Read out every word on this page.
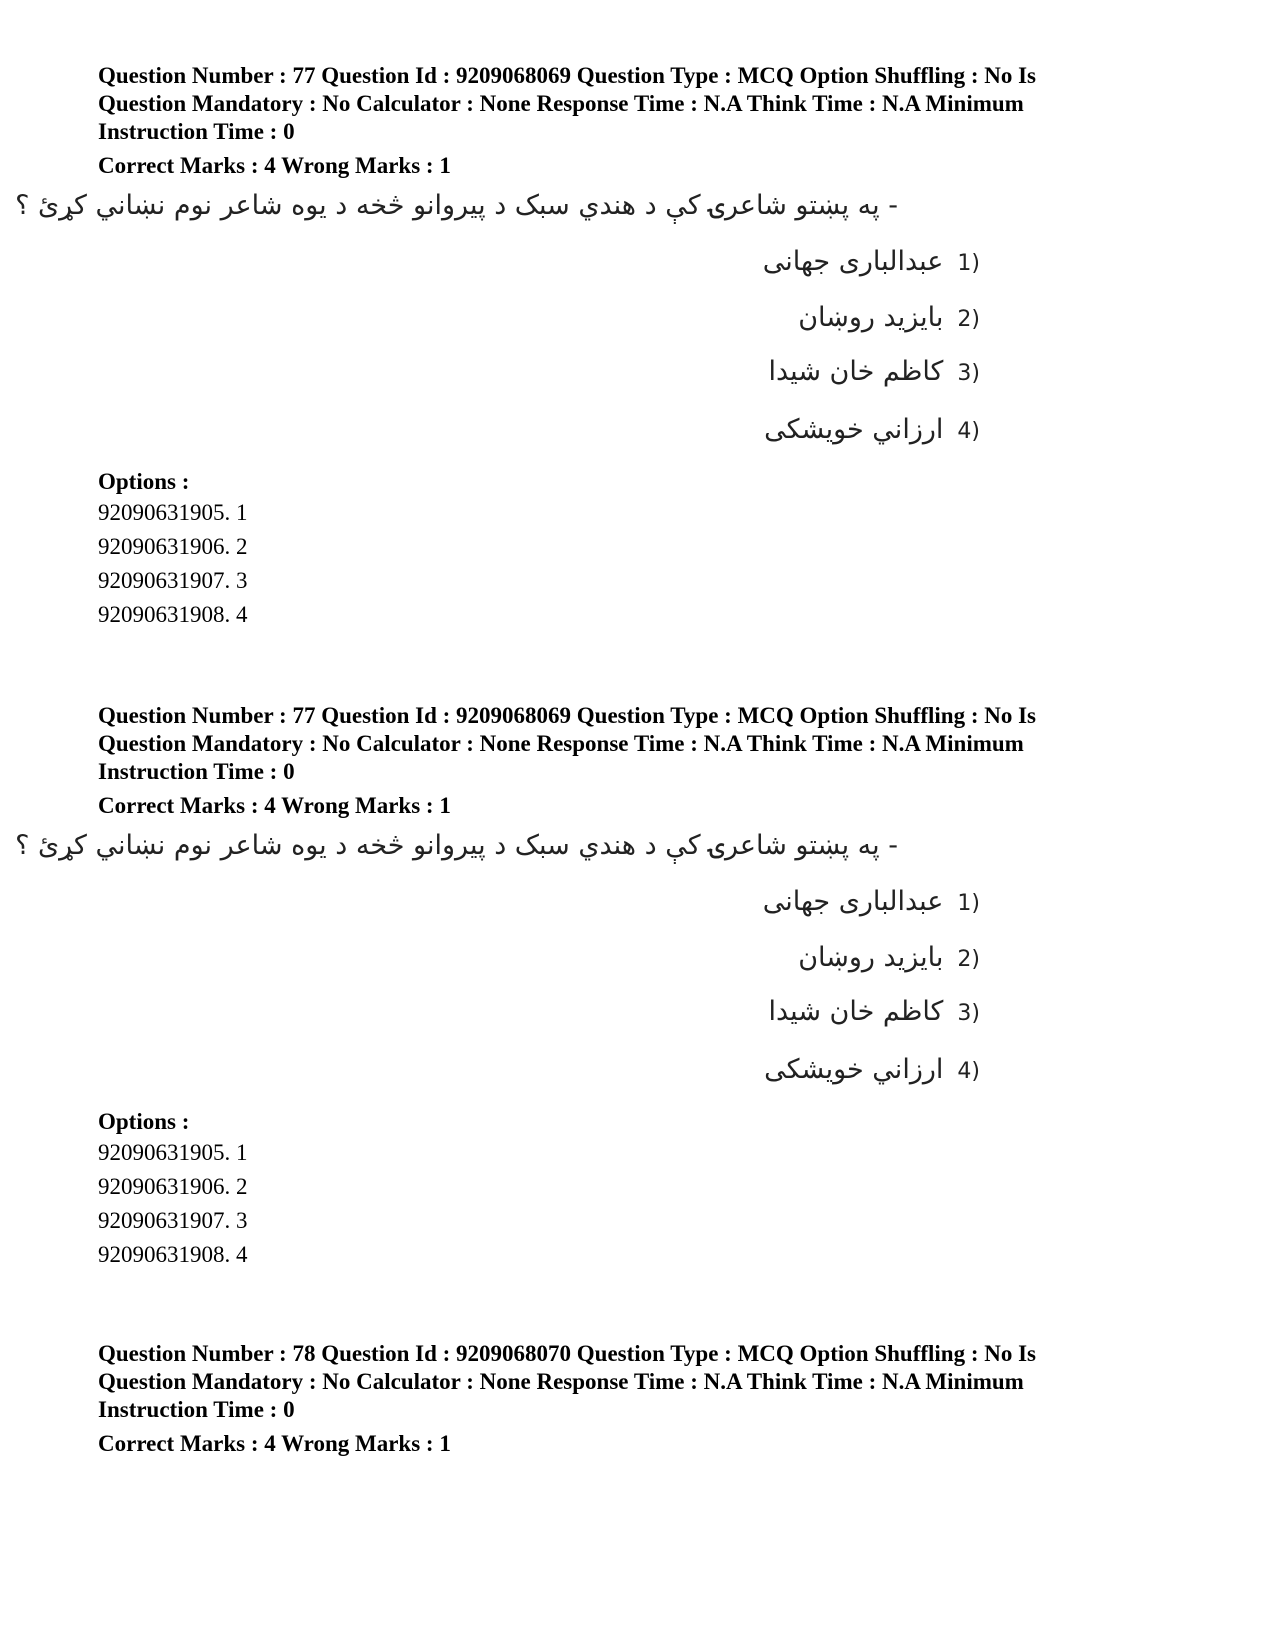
Question Number : 77 Question Id : 9209068069 Question Type : MCQ Option Shuffling : No Is
Question Mandatory : No Calculator : None Response Time : N.A Think Time : N.A Minimum
Instruction Time : 0
Correct Marks : 4 Wrong Marks : 1
- په پښتو شاعرۍ کې د هندي سبک د پیروانو څخه د یوه شاعر نوم نښاني کړئ ؟
1)عبدالباری جهانی
2)بایزید روښان
3)کاظم خان شیدا
4)ارزاني خویشکی
Options :
92090631905. 1
92090631906. 2
92090631907. 3
92090631908. 4
Question Number : 77 Question Id : 9209068069 Question Type : MCQ Option Shuffling : No Is
Question Mandatory : No Calculator : None Response Time : N.A Think Time : N.A Minimum
Instruction Time : 0
Correct Marks : 4 Wrong Marks : 1
- په پښتو شاعرۍ کې د هندي سبک د پیروانو څخه د یوه شاعر نوم نښاني کړئ ؟
1)عبدالباری جهانی
2)بایزید روښان
3)کاظم خان شیدا
4)ارزاني خویشکی
Options :
92090631905. 1
92090631906. 2
92090631907. 3
92090631908. 4
Question Number : 78 Question Id : 9209068070 Question Type : MCQ Option Shuffling : No Is
Question Mandatory : No Calculator : None Response Time : N.A Think Time : N.A Minimum
Instruction Time : 0
Correct Marks : 4 Wrong Marks : 1
